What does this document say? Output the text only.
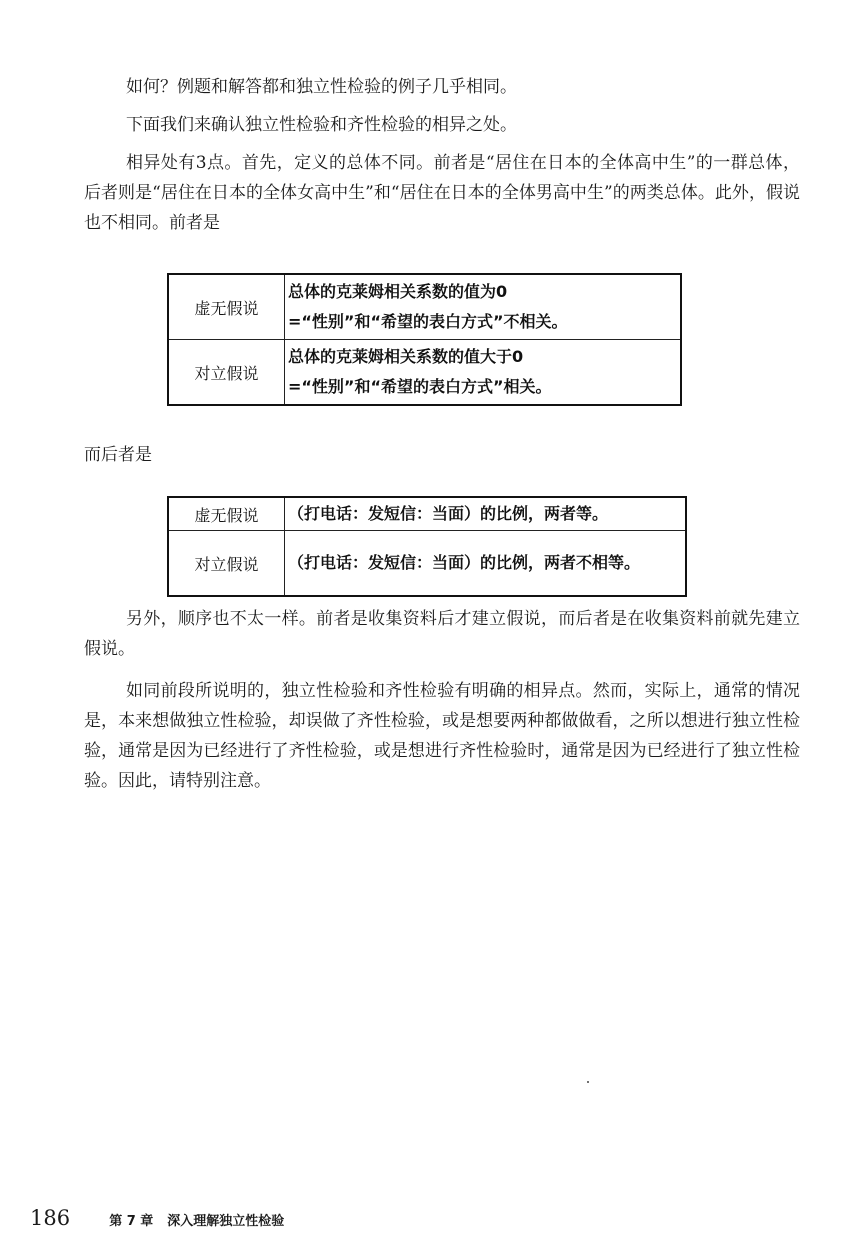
如何？例题和解答都和独立性检验的例子几乎相同。

下面我们来确认独立性检验和齐性检验的相异之处。

相异处有3点。首先，定义的总体不同。前者是“居住在日本的全体高中生”的一群总体，后者则是“居住在日本的全体女高中生”和“居住在日本的全体男高中生”的两类总体。此外，假说也不相同。前者是

虚无假说	总体的克莱姆相关系数的值为0
=“性别”和“希望的表白方式”不相关。

对立假说	总体的克莱姆相关系数的值大于0
=“性别”和“希望的表白方式”相关。

而后者是

虚无假说	（打电话：发短信：当面）的比例，两者等。
对立假说	（打电话：发短信：当面）的比例，两者不相等。

另外，顺序也不太一样。前者是收集资料后才建立假说，而后者是在收集资料前就先建立假说。

如同前段所说明的，独立性检验和齐性检验有明确的相异点。然而，实际上，通常的情况是，本来想做独立性检验，却误做了齐性检验，或是想要两种都做做看，之所以想进行独立性检验，通常是因为已经进行了齐性检验，或是想进行齐性检验时，通常是因为已经进行了独立性检验。因此，请特别注意。

186	第 7 章 深入理解独立性检验
